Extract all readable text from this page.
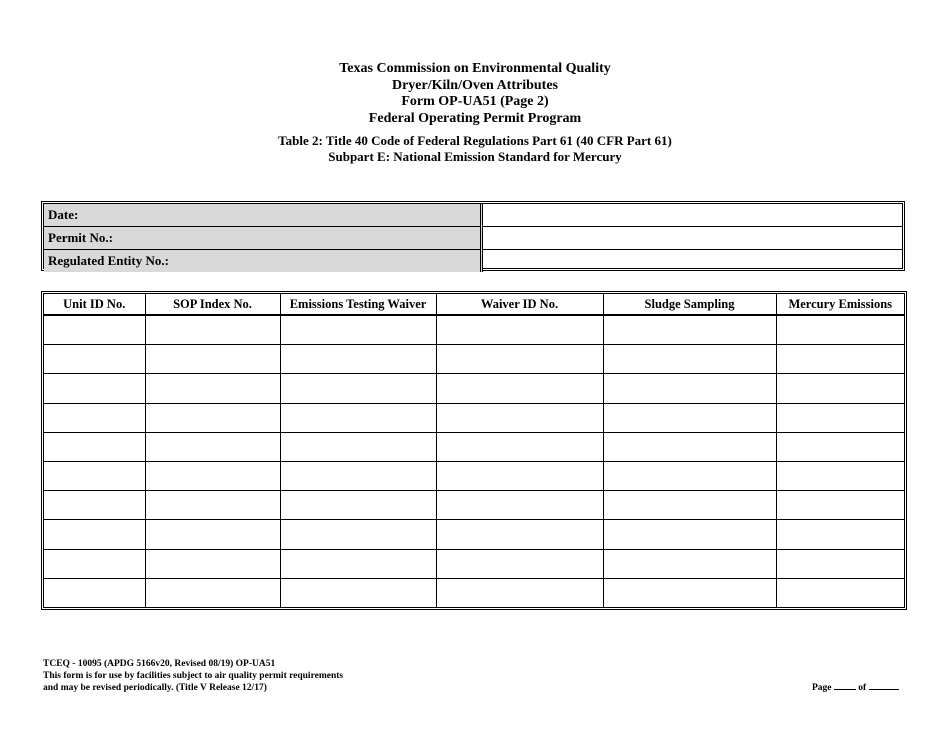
Texas Commission on Environmental Quality
Dryer/Kiln/Oven Attributes
Form OP-UA51 (Page 2)
Federal Operating Permit Program
Table 2: Title 40 Code of Federal Regulations Part 61 (40 CFR Part 61)
Subpart E: National Emission Standard for Mercury
Date:	
Permit No.:	
Regulated Entity No.:	
Unit ID No.	SOP Index No.	Emissions Testing Waiver	Waiver ID No.	Sludge Sampling	Mercury Emissions

TCEQ - 10095 (APDG 5166v20, Revised 08/19) OP-UA51
This form is for use by facilities subject to air quality permit requirements
and may be revised periodically. (Title V Release 12/17)	Page	of
